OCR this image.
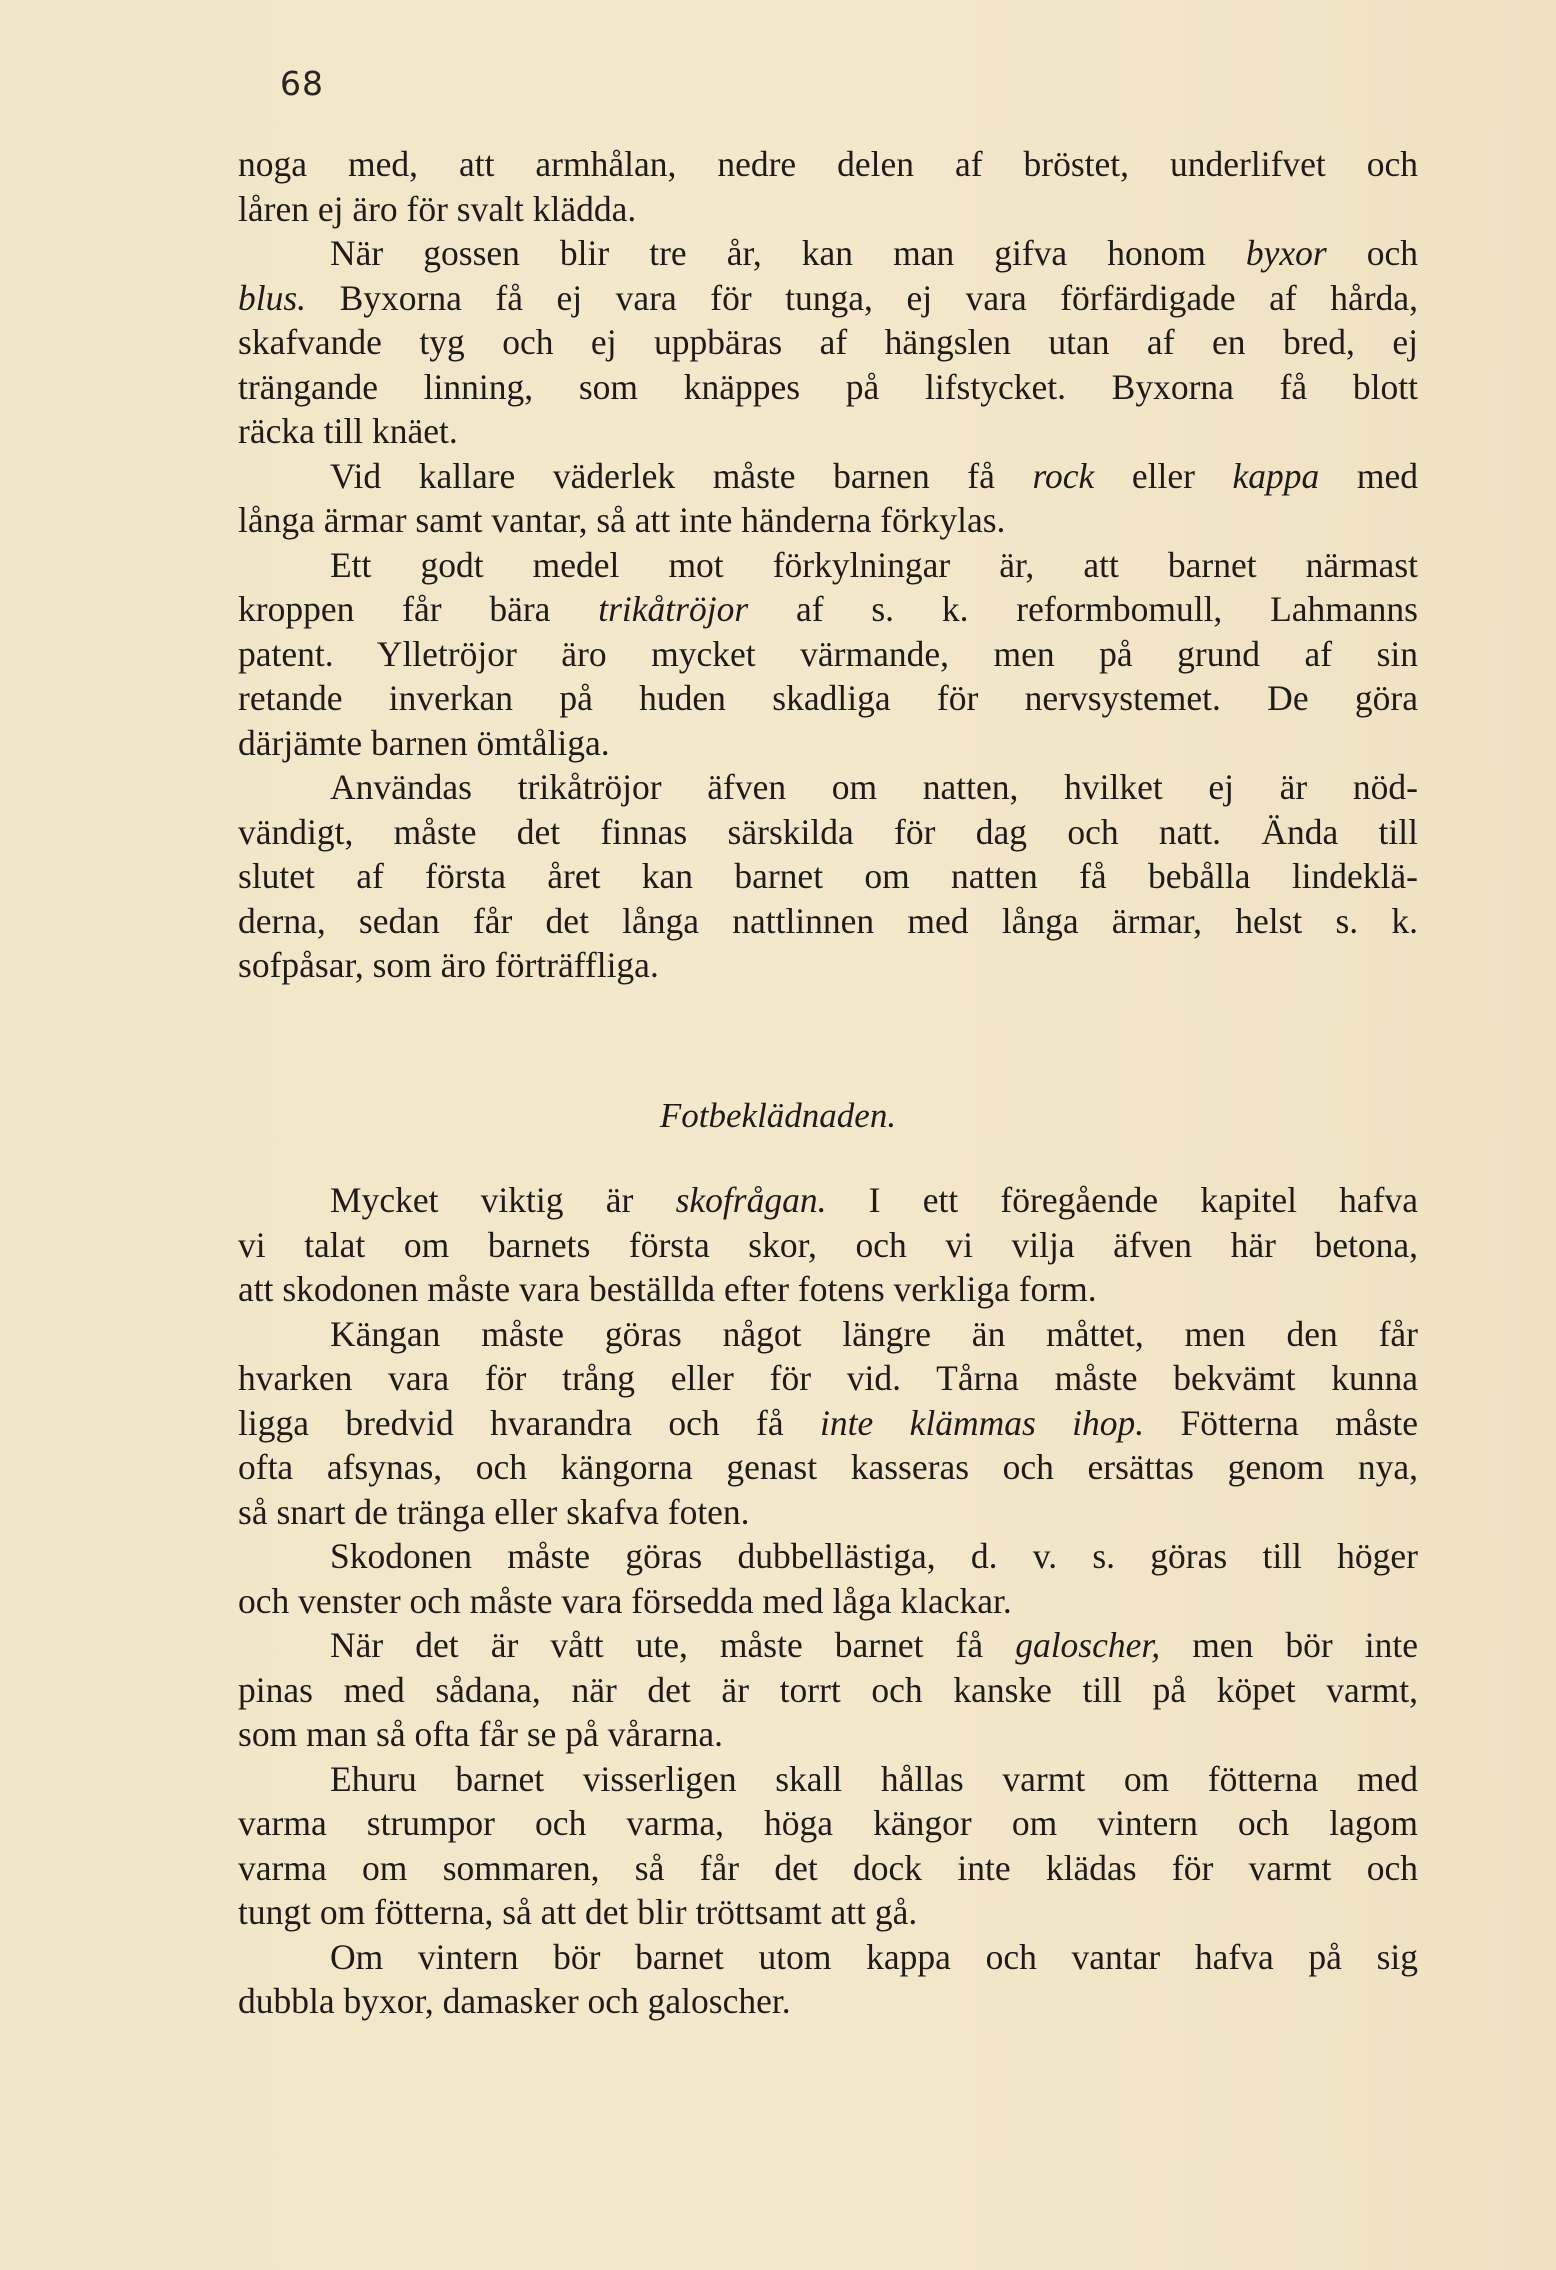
68
noga med, att armhålan, nedre delen af bröstet, underlifvet och
låren ej äro för svalt klädda.
När gossen blir tre år, kan man gifva honom byxor och
blus. Byxorna få ej vara för tunga, ej vara förfärdigade af hårda,
skafvande tyg och ej uppbäras af hängslen utan af en bred, ej
trängande linning, som knäppes på lifstycket. Byxorna få blott
räcka till knäet.
Vid kallare väderlek måste barnen få rock eller kappa med
långa ärmar samt vantar, så att inte händerna förkylas.
Ett godt medel mot förkylningar är, att barnet närmast
kroppen får bära trikåtröjor af s. k. reformbomull, Lahmanns
patent. Ylletröjor äro mycket värmande, men på grund af sin
retande inverkan på huden skadliga för nervsystemet. De göra
därjämte barnen ömtåliga.
Användas trikåtröjor äfven om natten, hvilket ej är nöd-
vändigt, måste det finnas särskilda för dag och natt. Ända till
slutet af första året kan barnet om natten få bebålla lindeklä-
derna, sedan får det långa nattlinnen med långa ärmar, helst s. k.
sofpåsar, som äro förträffliga.
Fotbeklädnaden.
Mycket viktig är skofrågan. I ett föregående kapitel hafva
vi talat om barnets första skor, och vi vilja äfven här betona,
att skodonen måste vara beställda efter fotens verkliga form.
Kängan måste göras något längre än måttet, men den får
hvarken vara för trång eller för vid. Tårna måste bekvämt kunna
ligga bredvid hvarandra och få inte klämmas ihop. Fötterna måste
ofta afsynas, och kängorna genast kasseras och ersättas genom nya,
så snart de tränga eller skafva foten.
Skodonen måste göras dubbellästiga, d. v. s. göras till höger
och venster och måste vara försedda med låga klackar.
När det är vått ute, måste barnet få galoscher, men bör inte
pinas med sådana, när det är torrt och kanske till på köpet varmt,
som man så ofta får se på vårarna.
Ehuru barnet visserligen skall hållas varmt om fötterna med
varma strumpor och varma, höga kängor om vintern och lagom
varma om sommaren, så får det dock inte klädas för varmt och
tungt om fötterna, så att det blir tröttsamt att gå.
Om vintern bör barnet utom kappa och vantar hafva på sig
dubbla byxor, damasker och galoscher.
